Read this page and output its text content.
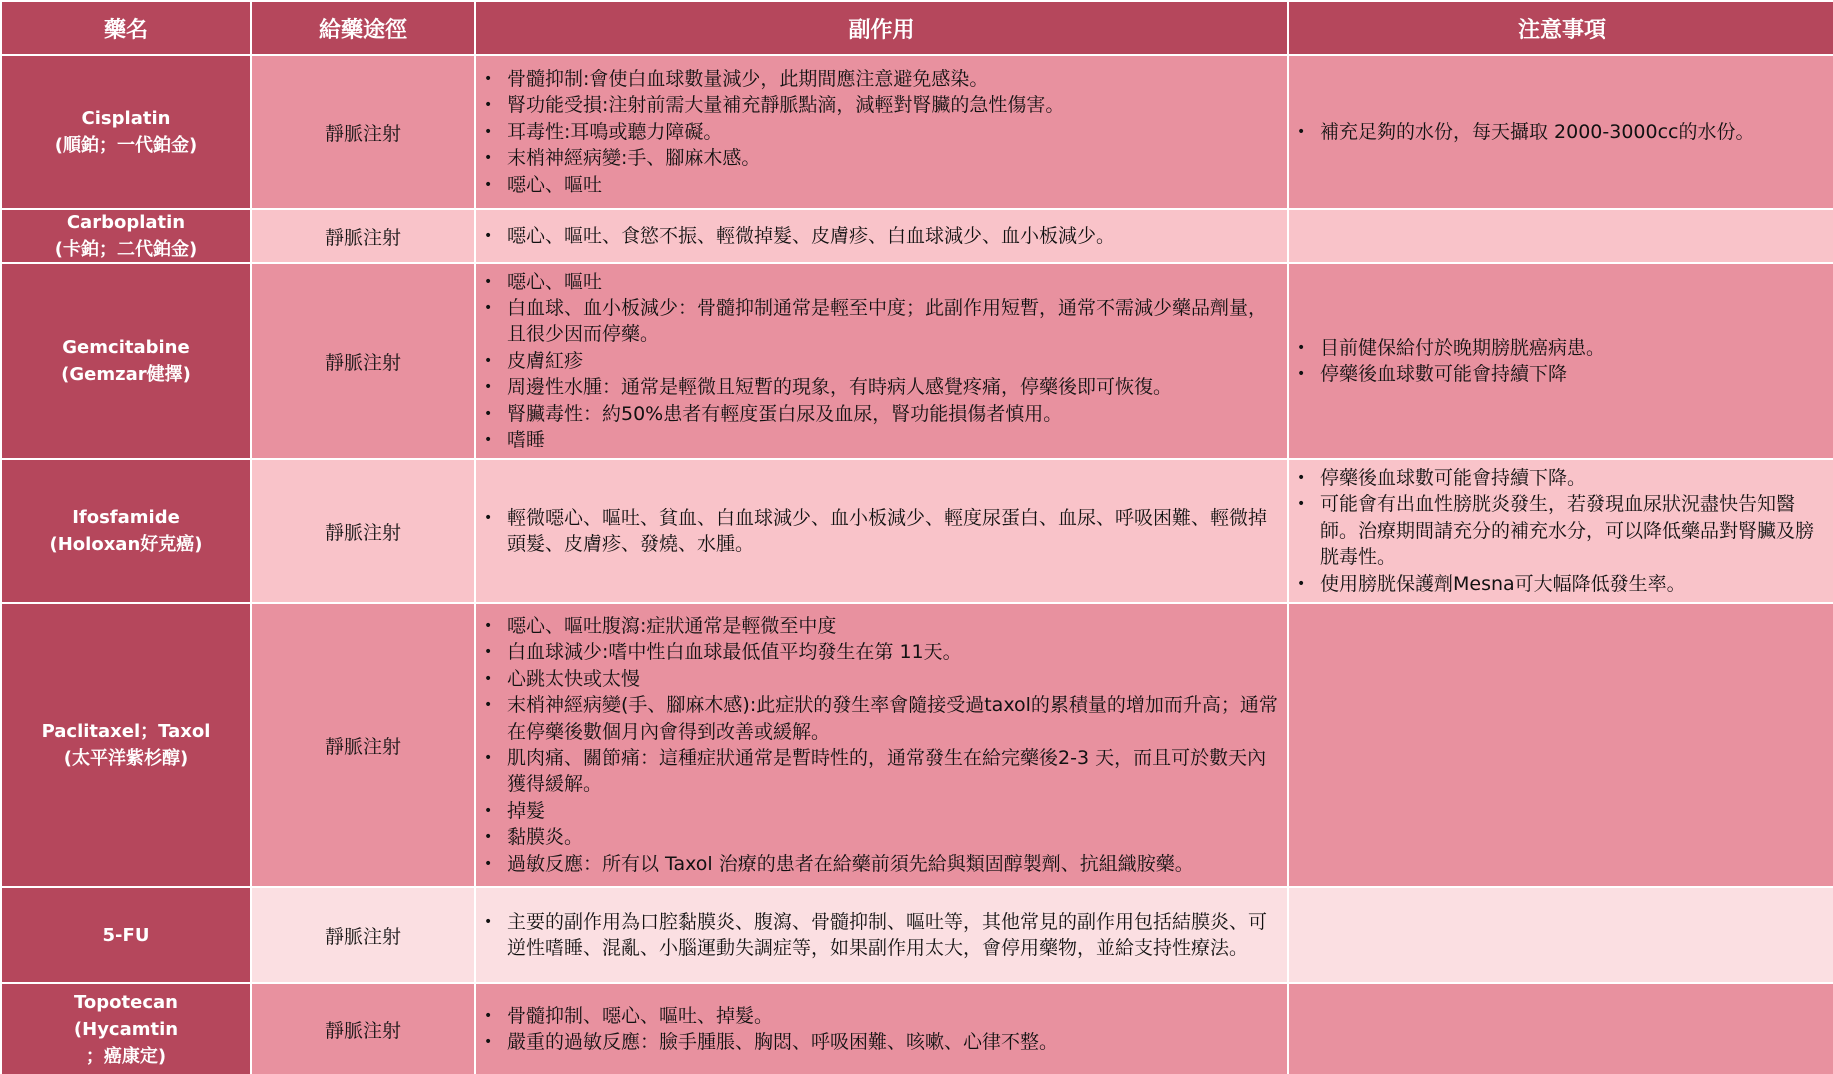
藥名	給藥途徑	副作用	注意事項
Cisplatin
(順鉑；一代鉑金)
靜脈注射
• 骨髓抑制:會使白血球數量減少，此期間應注意避免感染。
• 腎功能受損:注射前需大量補充靜脈點滴，減輕對腎臟的急性傷害。
• 耳毒性:耳鳴或聽力障礙。
• 末梢神經病變:手、腳麻木感。
• 噁心、嘔吐
• 補充足夠的水份，每天攝取 2000-3000cc的水份。
Carboplatin
(卡鉑；二代鉑金)
靜脈注射
•	噁心、嘔吐、食慾不振、輕微掉髮、皮膚疹、白血球減少、血小板減少。
Gemcitabine
(Gemzar健擇)
靜脈注射
• 噁心、嘔吐
• 白血球、血小板減少：骨髓抑制通常是輕至中度；此副作用短暫，通常不需減少藥品劑量，且很少因而停藥。
• 皮膚紅疹
• 周邊性水腫：通常是輕微且短暫的現象，有時病人感覺疼痛，停藥後即可恢復。
• 腎臟毒性：約50%患者有輕度蛋白尿及血尿，腎功能損傷者慎用。
• 嗜睡
• 目前健保給付於晚期膀胱癌病患。
• 停藥後血球數可能會持續下降
Ifosfamide
(Holoxan好克癌)
靜脈注射
• 輕微噁心、嘔吐、貧血、白血球減少、血小板減少、輕度尿蛋白、血尿、呼吸困難、輕微掉頭髮、皮膚疹、發燒、水腫。
• 停藥後血球數可能會持續下降。
• 可能會有出血性膀胱炎發生，若發現血尿狀況盡快告知醫師。治療期間請充分的補充水分，可以降低藥品對腎臟及膀胱毒性。
• 使用膀胱保護劑Mesna可大幅降低發生率。
Paclitaxel；Taxol
(太平洋紫杉醇)
靜脈注射
• 噁心、嘔吐腹瀉:症狀通常是輕微至中度
• 白血球減少:嗜中性白血球最低值平均發生在第 11天。
• 心跳太快或太慢
• 末梢神經病變(手、腳麻木感):此症狀的發生率會隨接受過taxol的累積量的增加而升高；通常在停藥後數個月內會得到改善或緩解。
• 肌肉痛、關節痛：這種症狀通常是暫時性的，通常發生在給完藥後2-3 天，而且可於數天內獲得緩解。
• 掉髮
• 黏膜炎。
• 過敏反應：所有以 Taxol 治療的患者在給藥前須先給與類固醇製劑、抗組織胺藥。
5-FU	靜脈注射
• 主要的副作用為口腔黏膜炎、腹瀉、骨髓抑制、嘔吐等，其他常見的副作用包括結膜炎、可逆性嗜睡、混亂、小腦運動失調症等，如果副作用太大，會停用藥物，並給支持性療法。
Topotecan
(Hycamtin
；癌康定)
靜脈注射
• 骨髓抑制、噁心、嘔吐、掉髮。
• 嚴重的過敏反應：臉手腫脹、胸悶、呼吸困難、咳嗽、心律不整。
